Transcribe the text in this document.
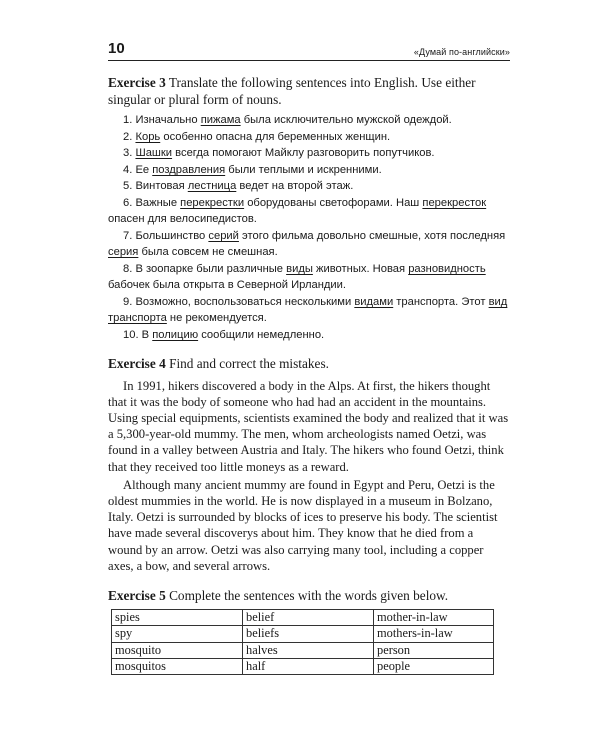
10	«Думай по-английски»

Exercise 3 Translate the following sentences into English. Use either singular or plural form of nouns.

1. Изначально пижама была исключительно мужской одеждой.
2. Корь особенно опасна для беременных женщин.
3. Шашки всегда помогают Майклу разговорить попутчиков.
4. Ее поздравления были теплыми и искренними.
5. Винтовая лестница ведет на второй этаж.
6. Важные перекрестки оборудованы светофорами. Наш перекресток опасен для велосипедистов.
7. Большинство серий этого фильма довольно смешные, хотя последняя серия была совсем не смешная.
8. В зоопарке были различные виды животных. Новая разновидность бабочек была открыта в Северной Ирландии.
9. Возможно, воспользоваться несколькими видами транспорта. Этот вид транспорта не рекомендуется.
10. В полицию сообщили немедленно.

Exercise 4 Find and correct the mistakes.

In 1991, hikers discovered a body in the Alps. At first, the hikers thought that it was the body of someone who had had an accident in the mountains. Using special equipments, scientists examined the body and realized that it was a 5,300-year-old mummy. The men, whom archeologists named Oetzi, was found in a valley between Austria and Italy. The hikers who found Oetzi, think that they received too little moneys as a reward.

Although many ancient mummy are found in Egypt and Peru, Oetzi is the oldest mummies in the world. He is now displayed in a museum in Bolzano, Italy. Oetzi is surrounded by blocks of ices to preserve his body. The scientist have made several discoverys about him. They know that he died from a wound by an arrow. Oetzi was also carrying many tool, including a copper axes, a bow, and several arrows.

Exercise 5 Complete the sentences with the words given below.

spies	belief	mother-in-law
spy	beliefs	mothers-in-law
mosquito	halves	person
mosquitos	half	people
